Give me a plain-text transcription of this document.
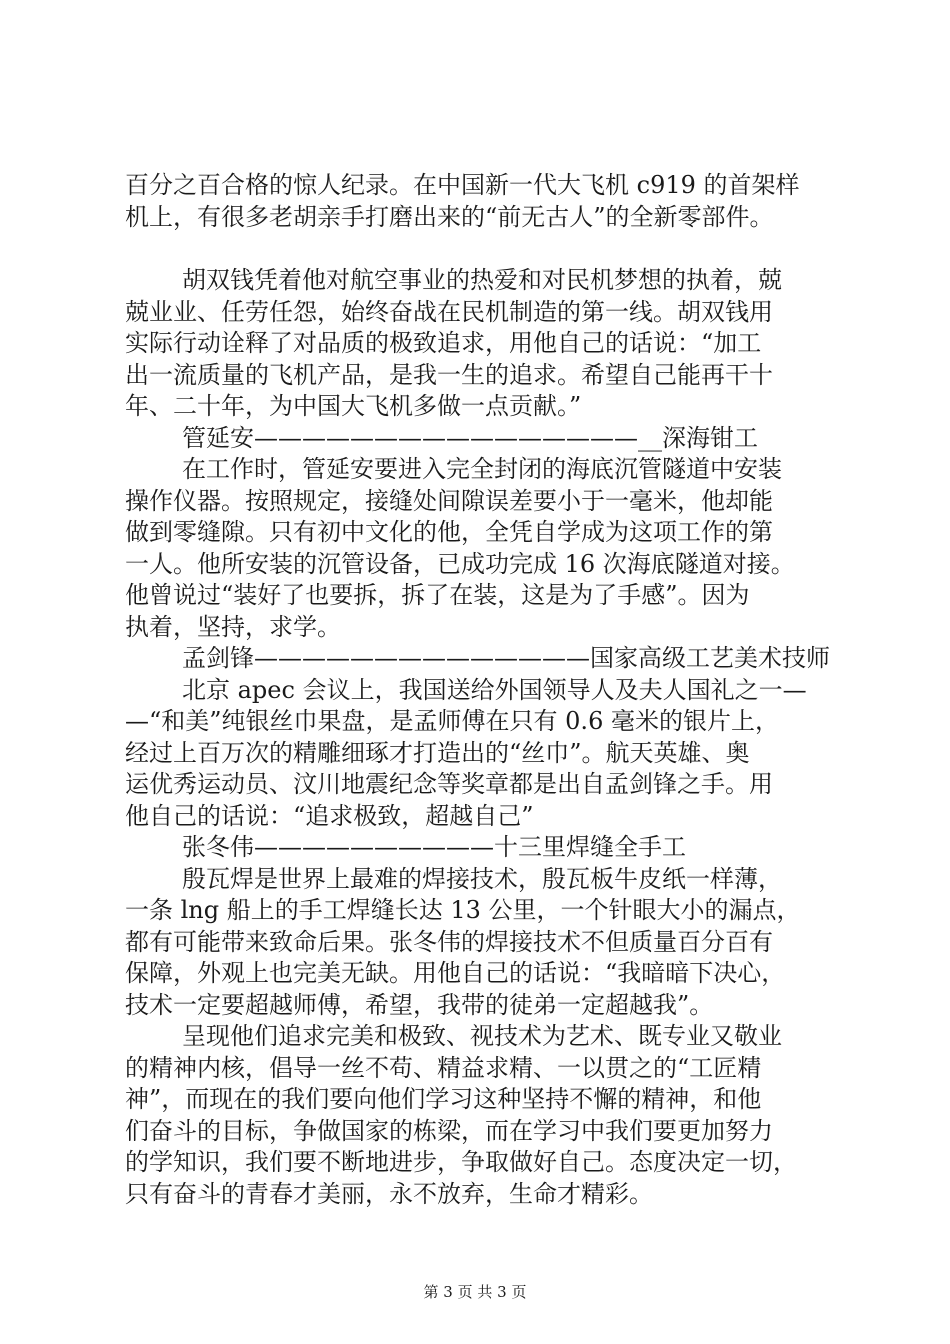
百分之百合格的惊人纪录。在中国新一代大飞机 c919 的首架样
机上，有很多老胡亲手打磨出来的“前无古人”的全新零部件。
胡双钱凭着他对航空事业的热爱和对民机梦想的执着，兢
兢业业、任劳任怨，始终奋战在民机制造的第一线。胡双钱用
实际行动诠释了对品质的极致追求，用他自己的话说：“加工
出一流质量的飞机产品，是我一生的追求。希望自己能再干十
年、二十年，为中国大飞机多做一点贡献。”
管延安————————————————__深海钳工
在工作时，管延安要进入完全封闭的海底沉管隧道中安装
操作仪器。按照规定，接缝处间隙误差要小于一毫米，他却能
做到零缝隙。只有初中文化的他，全凭自学成为这项工作的第
一人。他所安装的沉管设备，已成功完成 16 次海底隧道对接。
他曾说过“装好了也要拆，拆了在装，这是为了手感”。因为
执着，坚持，求学。
孟剑锋——————————————国家高级工艺美术技师
北京 apec 会议上，我国送给外国领导人及夫人国礼之一—
—“和美”纯银丝巾果盘，是孟师傅在只有 0.6 毫米的银片上，
经过上百万次的精雕细琢才打造出的“丝巾”。航天英雄、奥
运优秀运动员、汶川地震纪念等奖章都是出自孟剑锋之手。用
他自己的话说：“追求极致，超越自己”
张冬伟——————————十三里焊缝全手工
殷瓦焊是世界上最难的焊接技术，殷瓦板牛皮纸一样薄，
一条 lng 船上的手工焊缝长达 13 公里，一个针眼大小的漏点，
都有可能带来致命后果。张冬伟的焊接技术不但质量百分百有
保障，外观上也完美无缺。用他自己的话说：“我暗暗下决心，
技术一定要超越师傅，希望，我带的徒弟一定超越我”。
呈现他们追求完美和极致、视技术为艺术、既专业又敬业
的精神内核，倡导一丝不苟、精益求精、一以贯之的“工匠精
神”，而现在的我们要向他们学习这种坚持不懈的精神，和他
们奋斗的目标，争做国家的栋梁，而在学习中我们要更加努力
的学知识，我们要不断地进步，争取做好自己。态度决定一切，
只有奋斗的青春才美丽，永不放弃，生命才精彩。
第 3 页 共 3 页
